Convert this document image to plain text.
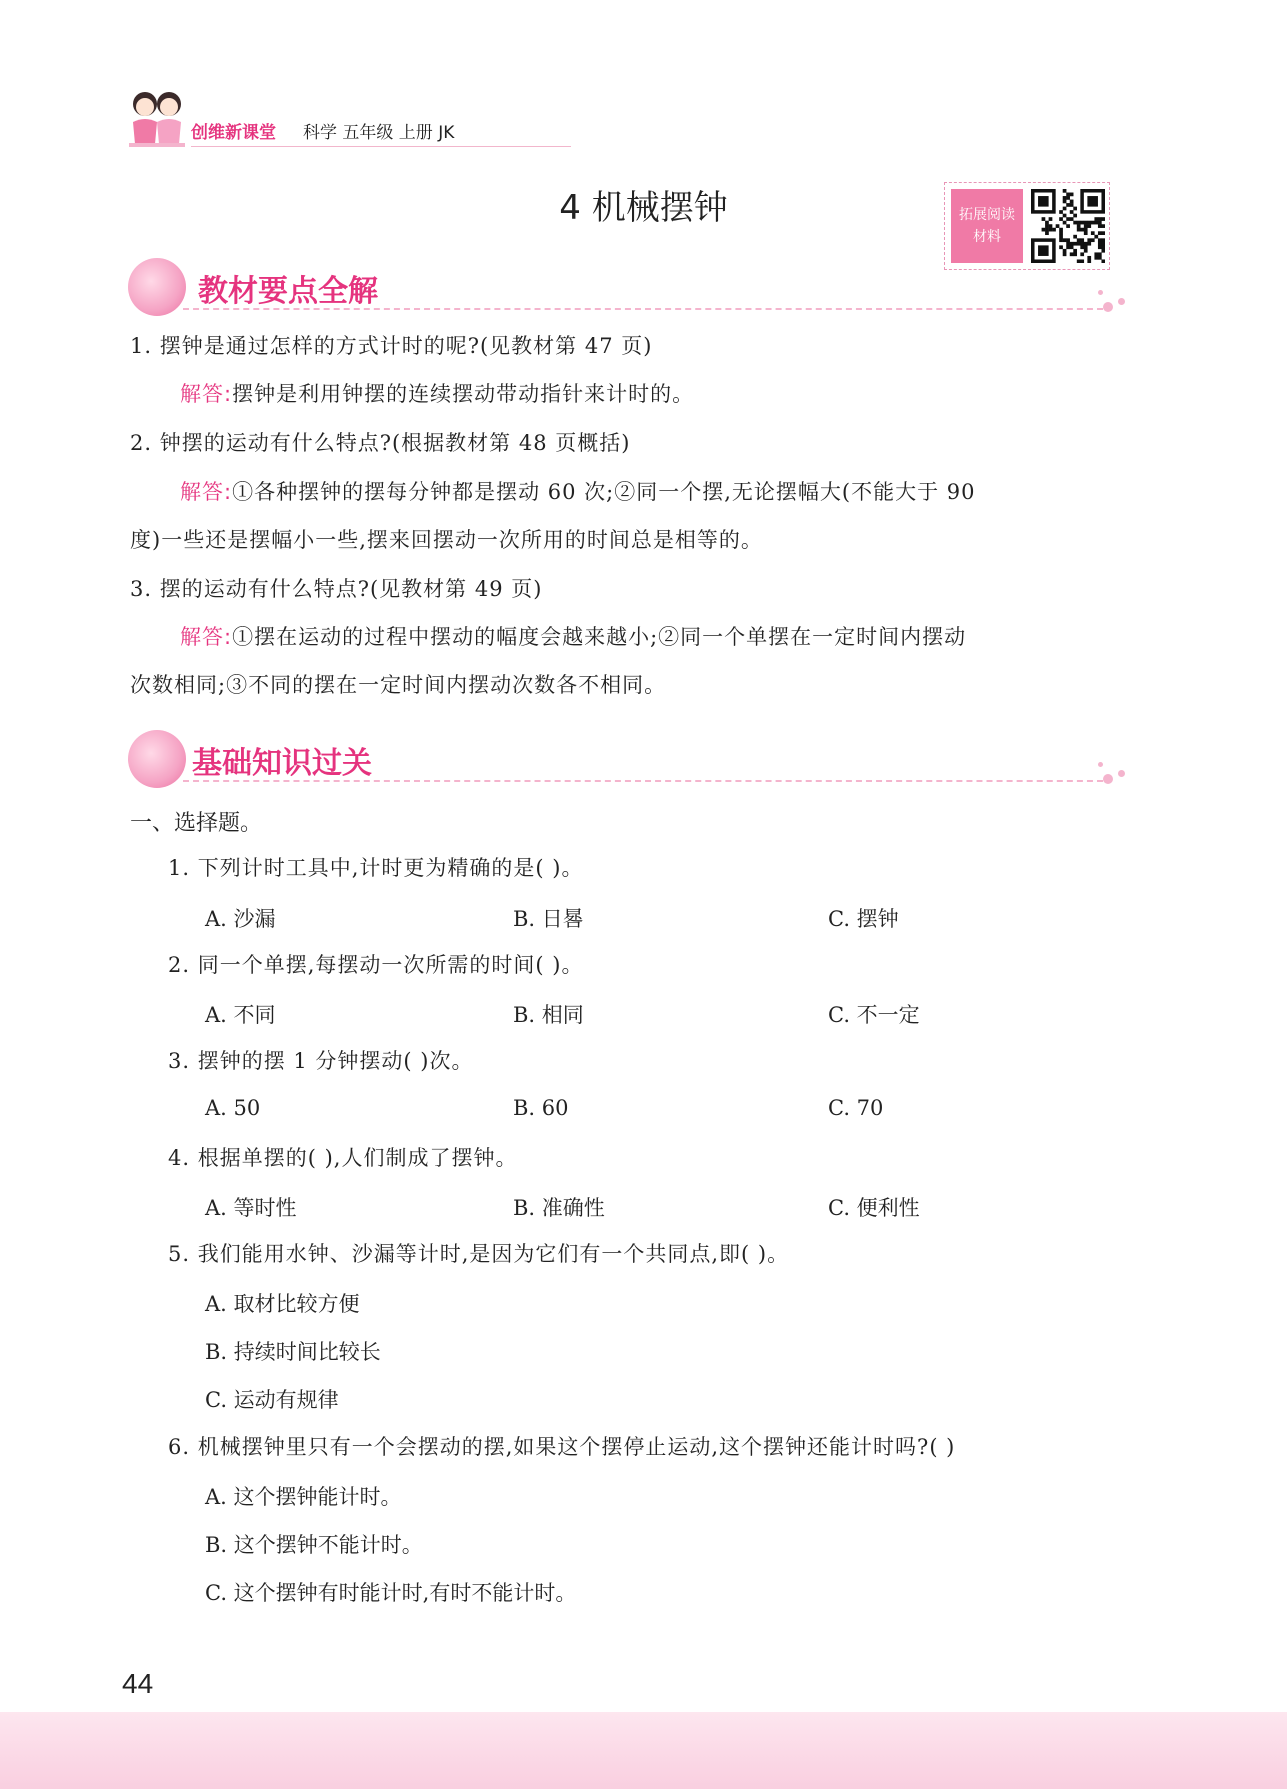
创维新课堂 科学 五年级 上册 JK
4 机械摆钟	拓展阅读
材料
教材要点全解
1. 摆钟是通过怎样的方式计时的呢?(见教材第 47 页)
解答:摆钟是利用钟摆的连续摆动带动指针来计时的。
2. 钟摆的运动有什么特点?(根据教材第 48 页概括)
解答:①各种摆钟的摆每分钟都是摆动 60 次;②同一个摆,无论摆幅大(不能大于 90
度)一些还是摆幅小一些,摆来回摆动一次所用的时间总是相等的。
3. 摆的运动有什么特点?(见教材第 49 页)
解答:①摆在运动的过程中摆动的幅度会越来越小;②同一个单摆在一定时间内摆动
次数相同;③不同的摆在一定时间内摆动次数各不相同。
基础知识过关
一、选择题。
1. 下列计时工具中,计时更为精确的是( )。
A. 沙漏	B. 日晷	C. 摆钟
2. 同一个单摆,每摆动一次所需的时间( )。
A. 不同	B. 相同	C. 不一定
3. 摆钟的摆 1 分钟摆动( )次。
A. 50	B. 60	C. 70
4. 根据单摆的( ),人们制成了摆钟。
A. 等时性	B. 准确性	C. 便利性
5. 我们能用水钟、沙漏等计时,是因为它们有一个共同点,即( )。
A. 取材比较方便
B. 持续时间比较长
C. 运动有规律
6. 机械摆钟里只有一个会摆动的摆,如果这个摆停止运动,这个摆钟还能计时吗?( )
A. 这个摆钟能计时。
B. 这个摆钟不能计时。
C. 这个摆钟有时能计时,有时不能计时。
44
